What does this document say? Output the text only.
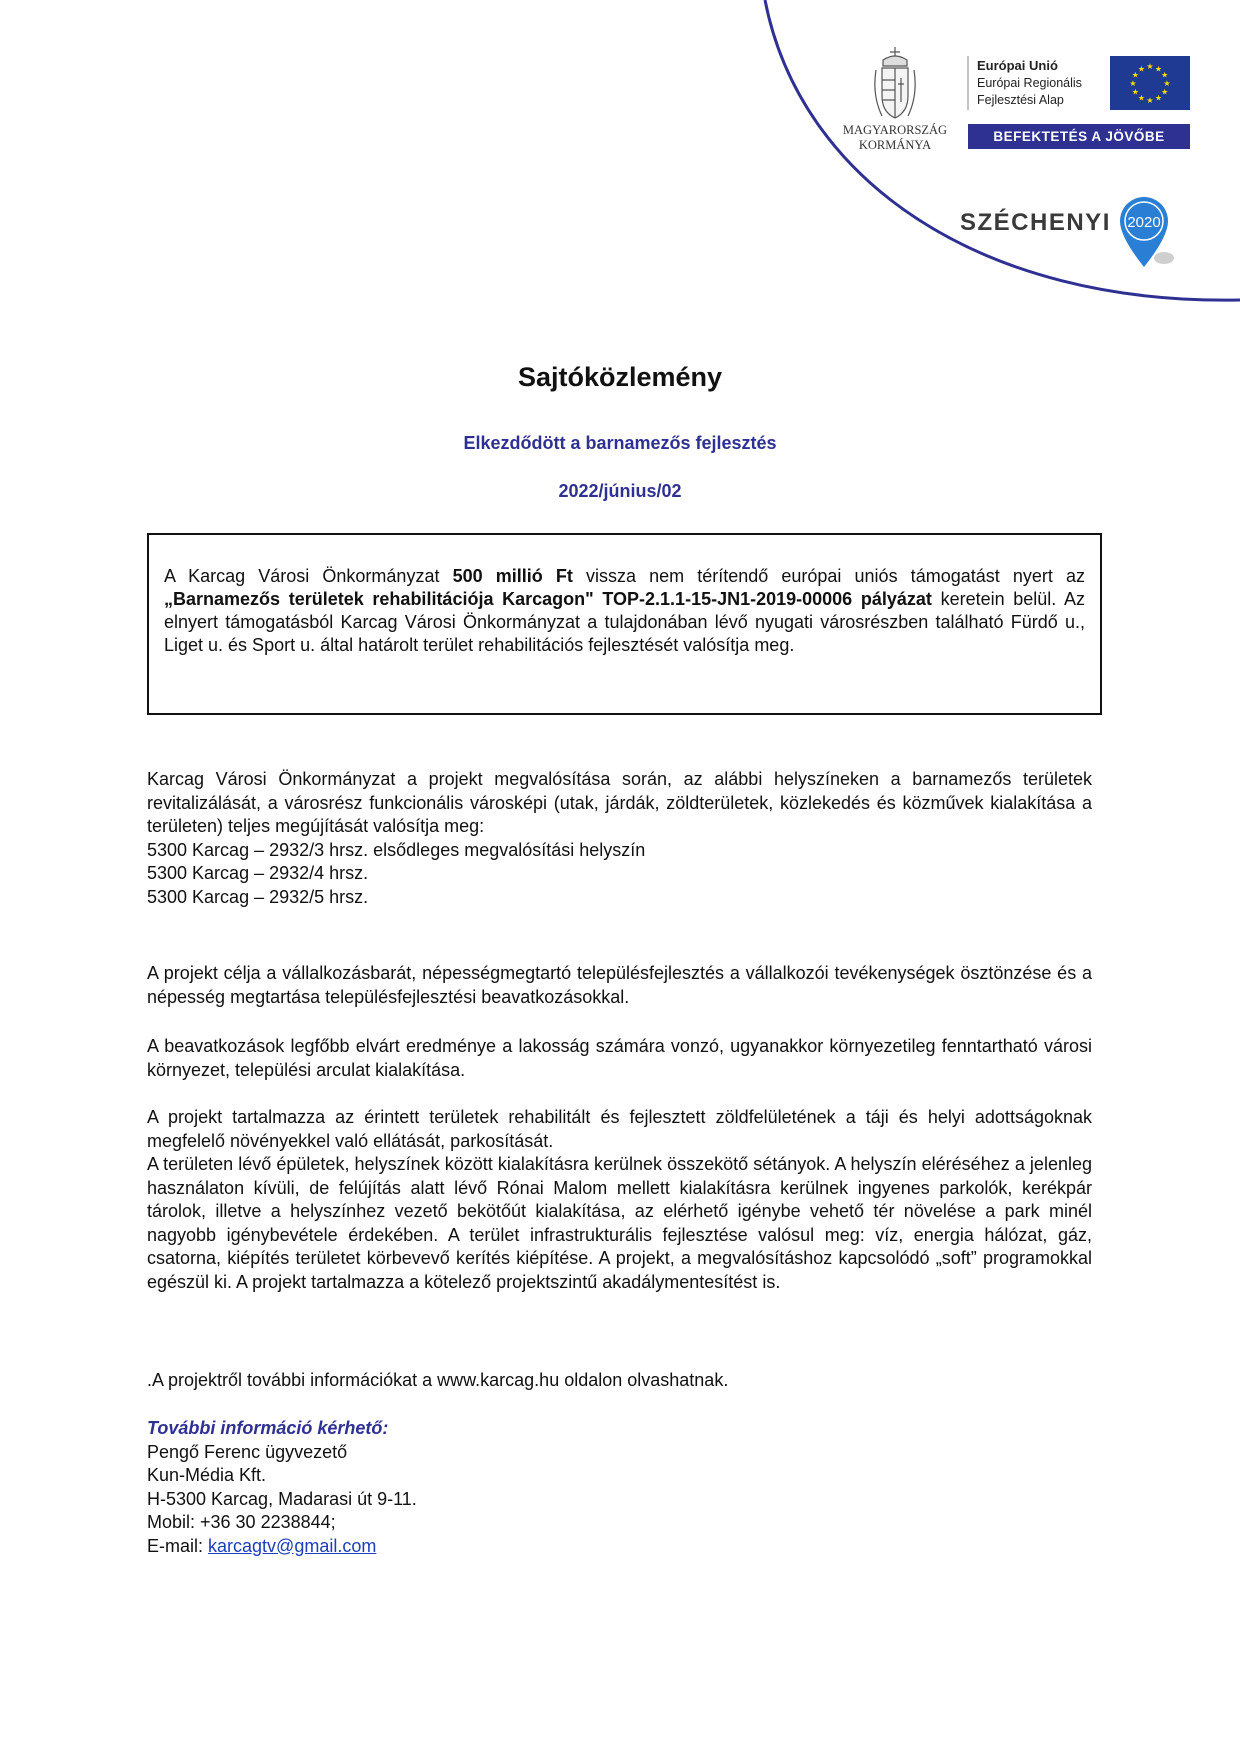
MAGYARORSZÁG
KORMÁNYA
Európai Unió
Európai Regionális
Fejlesztési Alap
★
★
★
★
★
★
★
★
★ ★ ★
★
BEFEKTETÉS A JÖVŐBE
SZÉCHENYI 2020
Sajtóközlemény
Elkezdődött a barnamezős fejlesztés
2022/június/02
A Karcag Városi Önkormányzat 500 millió Ft vissza nem térítendő európai uniós támogatást nyert az „Barnamezős területek rehabilitációja Karcagon" TOP-2.1.1-15-JN1-2019-00006 pályázat keretein belül. Az elnyert támogatásból Karcag Városi Önkormányzat a tulajdonában lévő nyugati városrészben található Fürdő u., Liget u. és Sport u. által határolt terület rehabilitációs fejlesztését valósítja meg.

Karcag Városi Önkormányzat a projekt megvalósítása során, az alábbi helyszíneken a barnamezős területek revitalizálását, a városrész funkcionális városképi (utak, járdák, zöldterületek, közlekedés és közművek kialakítása a területen) teljes megújítását valósítja meg:

5300 Karcag – 2932/3 hrsz. elsődleges megvalósítási helyszín

5300 Karcag – 2932/4 hrsz.

5300 Karcag – 2932/5 hrsz.

A projekt célja a vállalkozásbarát, népességmegtartó településfejlesztés a vállalkozói tevékenységek ösztönzése és a népesség megtartása településfejlesztési beavatkozásokkal.

A beavatkozások legfőbb elvárt eredménye a lakosság számára vonzó, ugyanakkor környezetileg fenntartható városi környezet, települési arculat kialakítása.

A projekt tartalmazza az érintett területek rehabilitált és fejlesztett zöldfelületének a táji és helyi adottságoknak megfelelő növényekkel való ellátását, parkosítását.

A területen lévő épületek, helyszínek között kialakításra kerülnek összekötő sétányok. A helyszín eléréséhez a jelenleg használaton kívüli, de felújítás alatt lévő Rónai Malom mellett kialakításra kerülnek ingyenes parkolók, kerékpár tárolok, illetve a helyszínhez vezető bekötőút kialakítása, az elérhető igénybe vehető tér növelése a park minél nagyobb igénybevétele érdekében. A terület infrastrukturális fejlesztése valósul meg: víz, energia hálózat, gáz, csatorna, kiépítés területet körbevevő kerítés kiépítése. A projekt, a megvalósításhoz kapcsolódó „soft” programokkal egészül ki. A projekt tartalmazza a kötelező projektszintű akadálymentesítést is.

.A projektről további információkat a www.karcag.hu oldalon olvashatnak.

További információ kérhető:

Pengő Ferenc ügyvezető

Kun-Média Kft.

H-5300 Karcag, Madarasi út 9-11.

Mobil: +36 30 2238844;

E-mail: karcagtv@gmail.com
